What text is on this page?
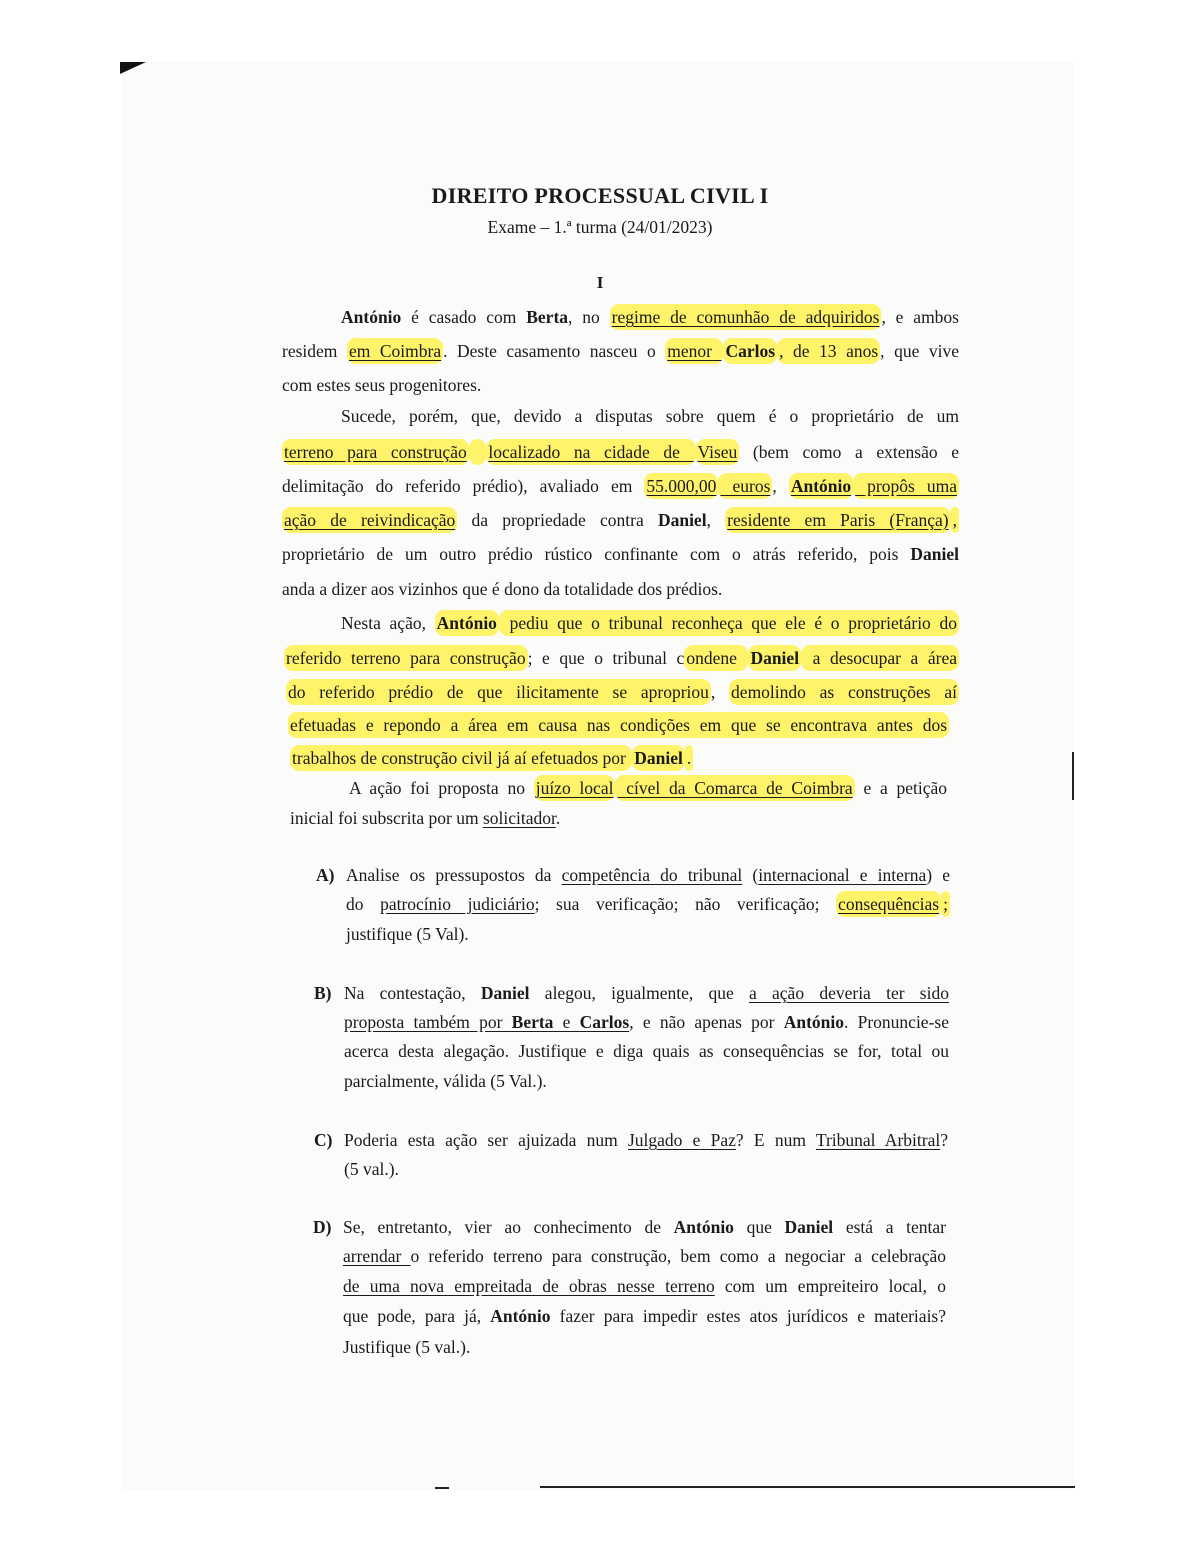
DIREITO PROCESSUAL CIVIL I
Exame – 1.ª turma (24/01/2023)
I
António é casado com Berta, no regime de comunhão de adquiridos , e ambos
residem em Coimbra . Deste casamento nasceu o menor Carlos , de 13 anos , que vive
com estes seus progenitores.
Sucede, porém, que, devido a disputas sobre quem é o proprietário de um
terreno para construção localizado na cidade de Viseu (bem como a extensão e
delimitação do referido prédio), avaliado em 55.000,00 euros , António propôs uma
ação de reivindicação da propriedade contra Daniel, residente em Paris (França) ,
proprietário de um outro prédio rústico confinante com o atrás referido, pois Daniel
anda a dizer aos vizinhos que é dono da totalidade dos prédios.
Nesta ação, António pediu que o tribunal reconheça que ele é o proprietário do
referido terreno para construção ; e que o tribunal c ondene Daniel a desocupar a área
do referido prédio de que ilicitamente se apropriou , demolindo as construções aí
efetuadas e repondo a área em causa nas condições em que se encontrava antes dos
trabalhos de construção civil já aí efetuados por Daniel .
A ação foi proposta no juízo local cível da Comarca de Coimbra e a petição
inicial foi subscrita por um solicitador.
A) Analise os pressupostos da competência do tribunal (internacional e interna) e
do patrocínio judiciário; sua verificação; não verificação; consequências ;
justifique (5 Val).
B) Na contestação, Daniel alegou, igualmente, que a ação deveria ter sido
proposta também por Berta e Carlos, e não apenas por António. Pronuncie-se
acerca desta alegação. Justifique e diga quais as consequências se for, total ou
parcialmente, válida (5 Val.).
C) Poderia esta ação ser ajuizada num Julgado e Paz? E num Tribunal Arbitral?
(5 val.).
D) Se, entretanto, vier ao conhecimento de António que Daniel está a tentar
arrendar o referido terreno para construção, bem como a negociar a celebração
de uma nova empreitada de obras nesse terreno com um empreiteiro local, o
que pode, para já, António fazer para impedir estes atos jurídicos e materiais?
Justifique (5 val.).
